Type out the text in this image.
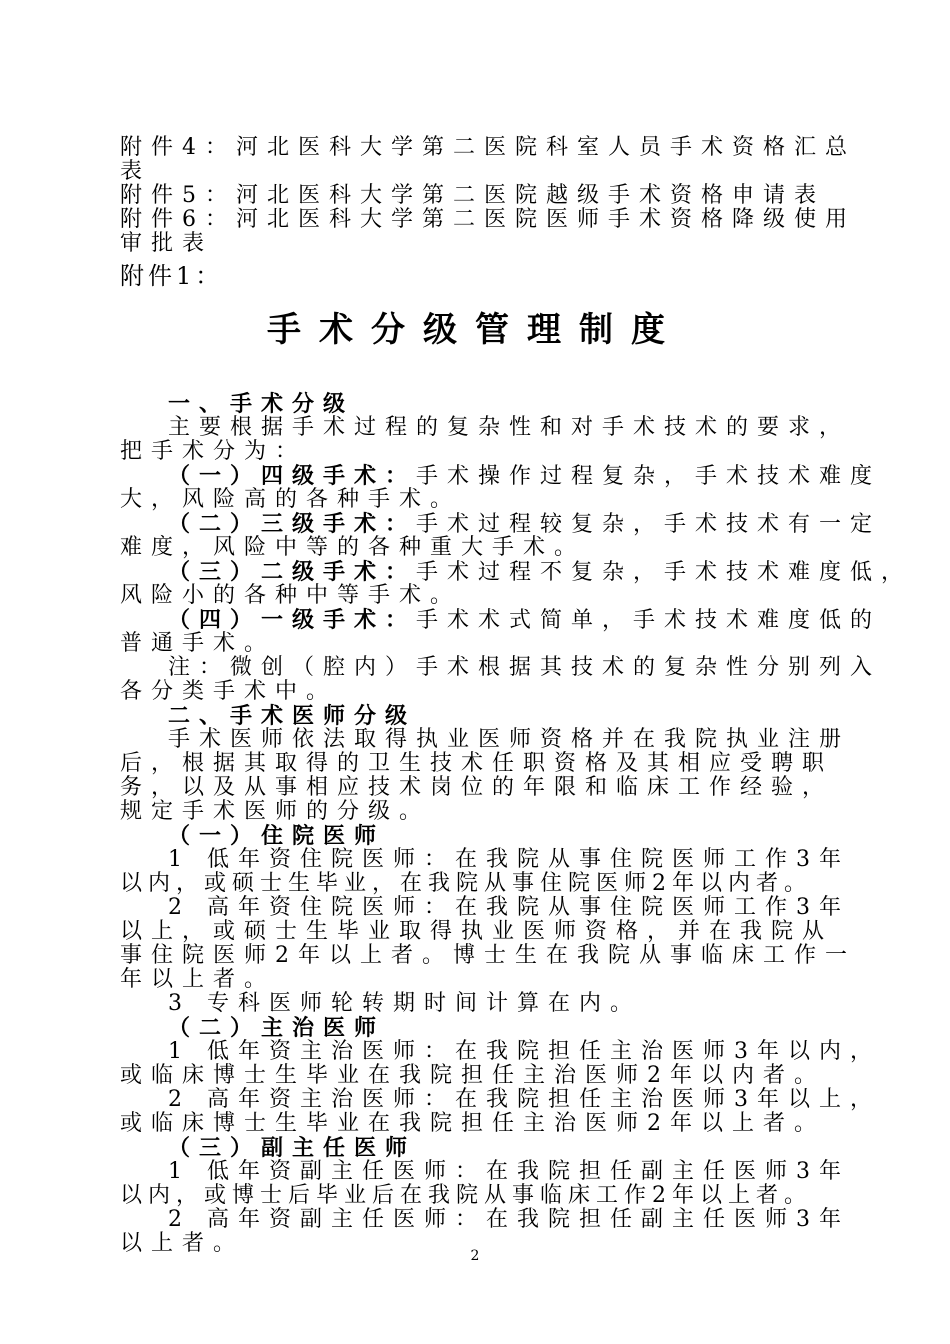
附件4：河北医科大学第二医院科室人员手术资格汇总
表
附件5：河北医科大学第二医院越级手术资格申请表
附件6：河北医科大学第二医院医师手术资格降级使用
审批表
附件1：
手术分级管理制度
一、手术分级
主要根据手术过程的复杂性和对手术技术的要求，
把手术分为：
（一）四级手术：手术操作过程复杂，手术技术难度
大，风险高的各种手术。
（二）三级手术：手术过程较复杂，手术技术有一定
难度，风险中等的各种重大手术。
（三）二级手术：手术过程不复杂，手术技术难度低，
风险小的各种中等手术。
（四）一级手术：手术术式简单，手术技术难度低的
普通手术。
注：微创（腔内）手术根据其技术的复杂性分别列入
各分类手术中。
二、手术医师分级
手术医师依法取得执业医师资格并在我院执业注册
后，根据其取得的卫生技术任职资格及其相应受聘职
务，以及从事相应技术岗位的年限和临床工作经验，
规定手术医师的分级。
（一）住院医师
1 低年资住院医师：在我院从事住院医师工作3年
以内，或硕士生毕业，在我院从事住院医师2年以内者。
2 高年资住院医师：在我院从事住院医师工作3年
以上，或硕士生毕业取得执业医师资格，并在我院从
事住院医师2年以上者。博士生在我院从事临床工作一
年以上者。
3 专科医师轮转期时间计算在内。
（二）主治医师
1 低年资主治医师：在我院担任主治医师3年以内，
或临床博士生毕业在我院担任主治医师2年以内者。
2 高年资主治医师：在我院担任主治医师3年以上，
或临床博士生毕业在我院担任主治医师2年以上者。
（三）副主任医师
1 低年资副主任医师：在我院担任副主任医师3年
以内，或博士后毕业后在我院从事临床工作2年以上者。
2 高年资副主任医师：在我院担任副主任医师3年
以上者。	2
